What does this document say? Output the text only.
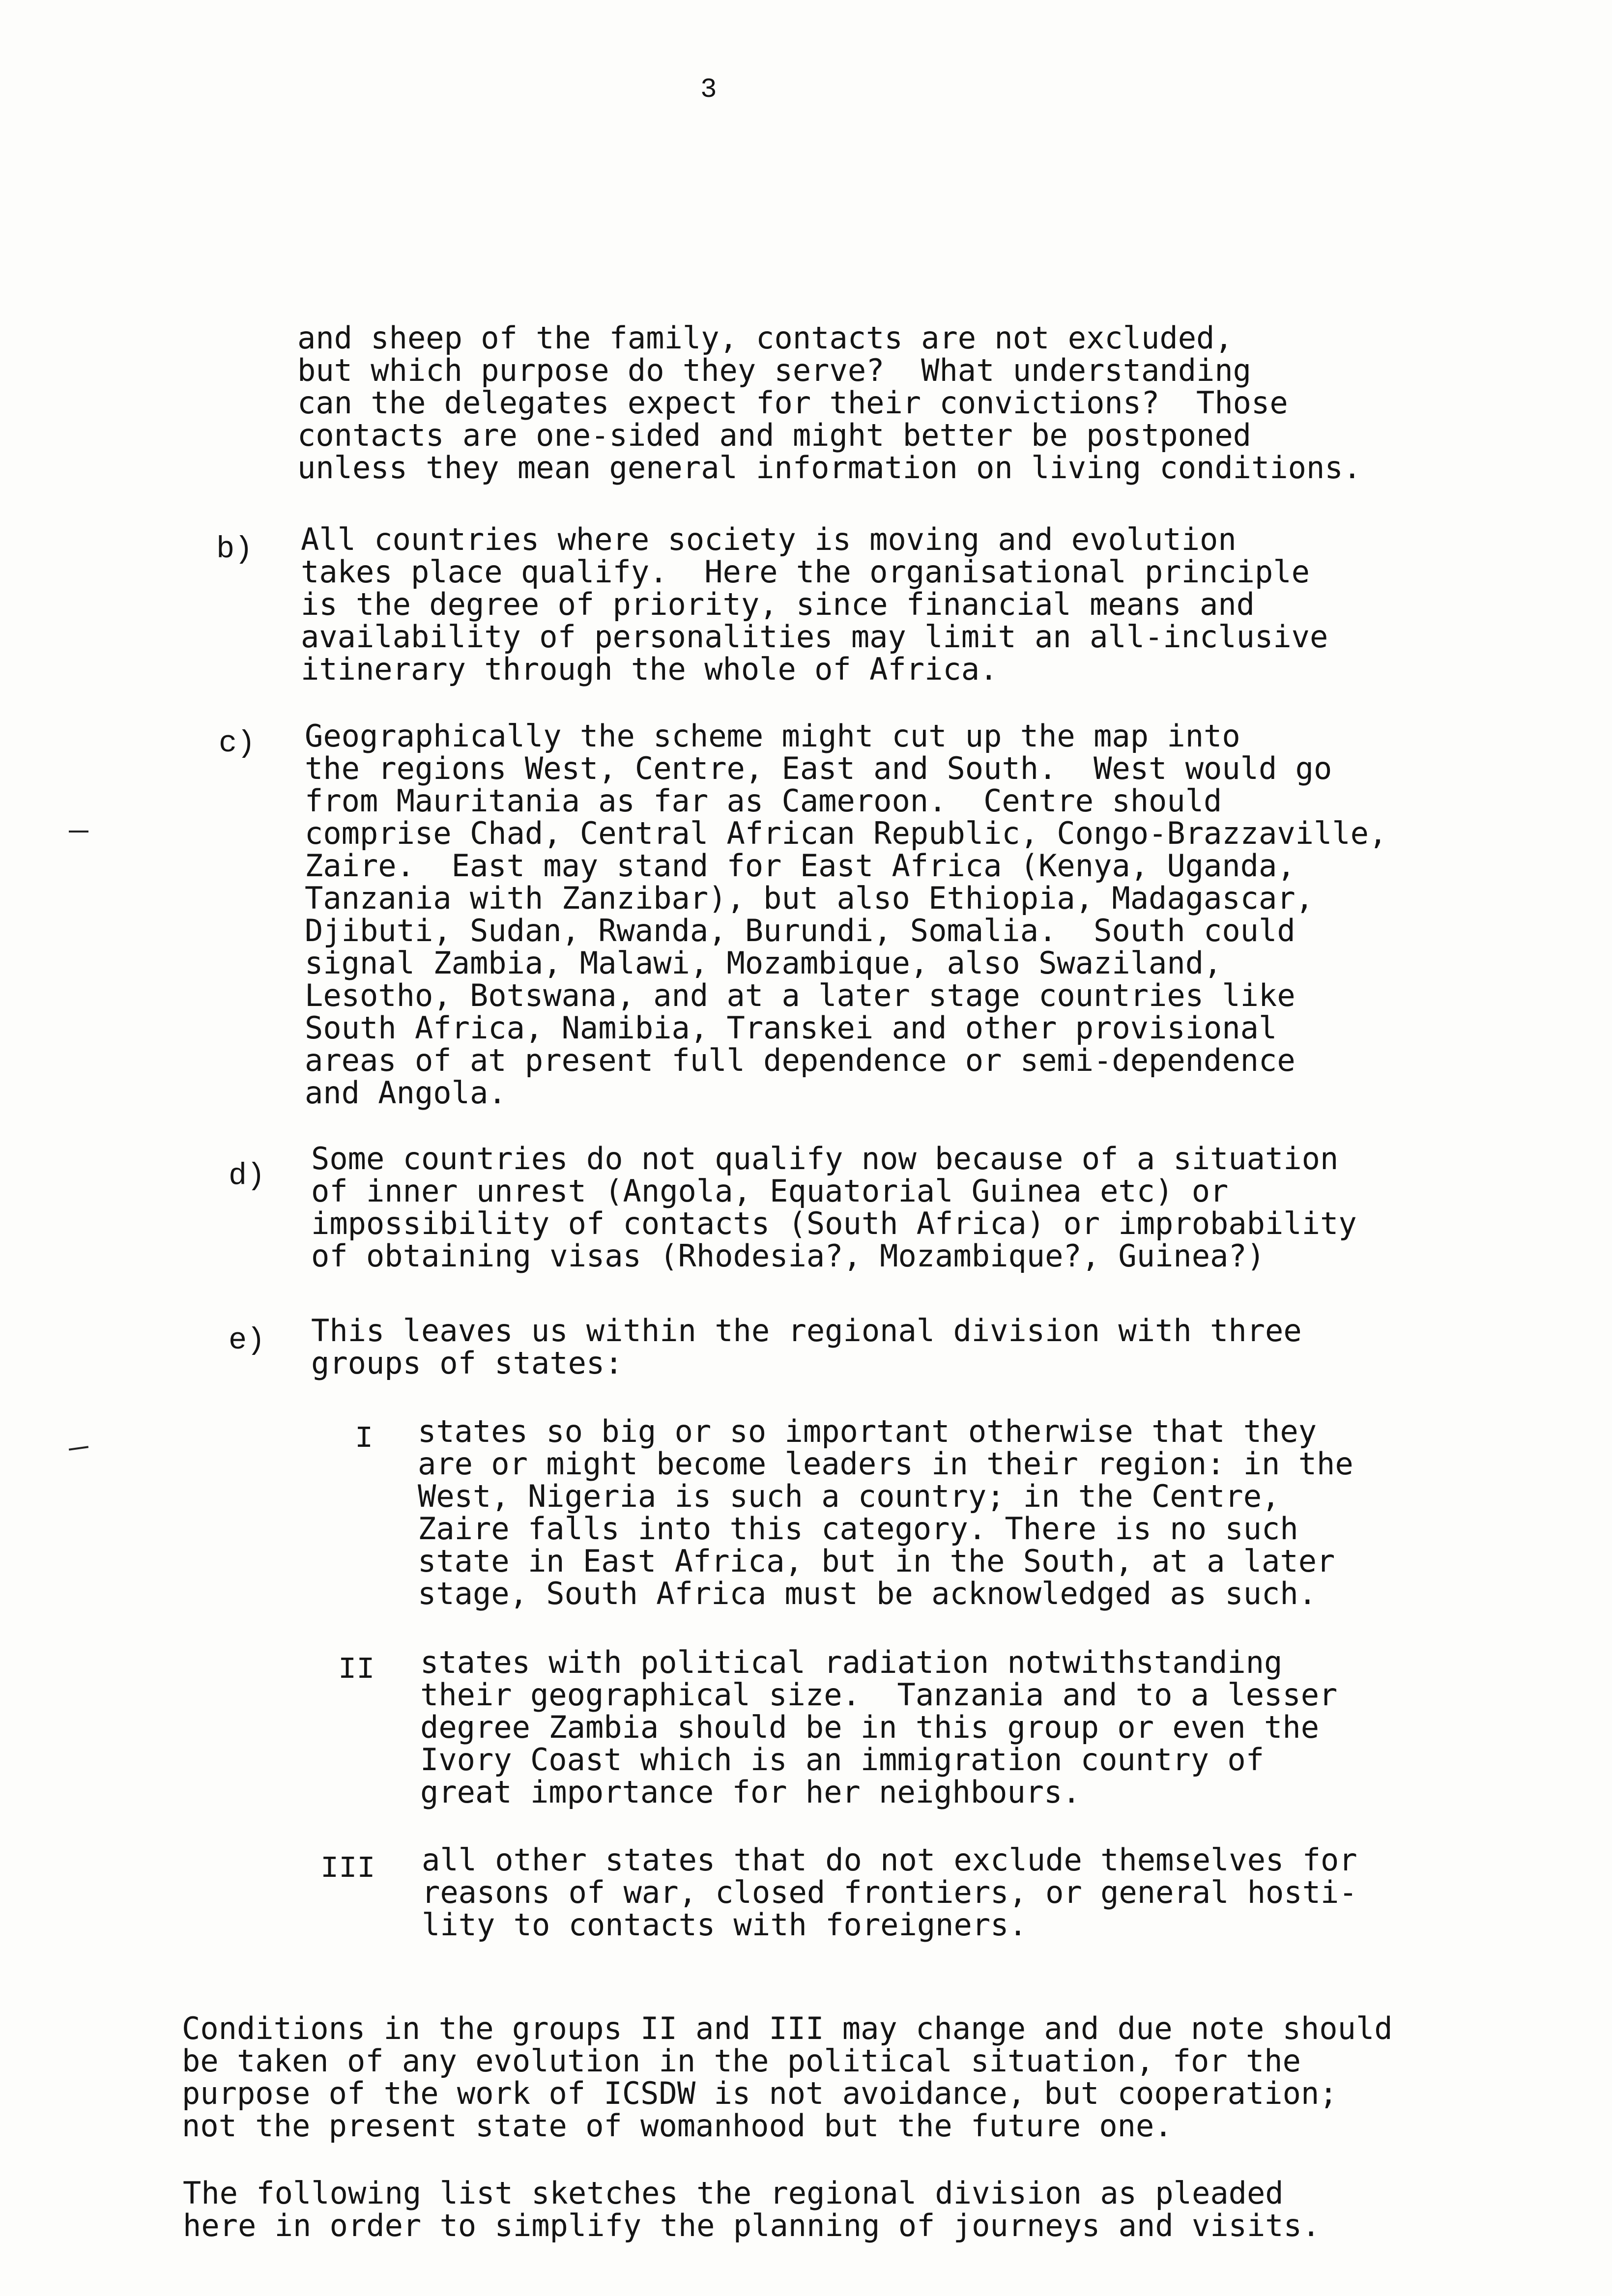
3
and sheep of the family, contacts are not excluded,
but which purpose do they serve?  What understanding
can the delegates expect for their convictions?  Those
contacts are one-sided and might better be postponed
unless they mean general information on living conditions.
b) All countries where society is moving and evolution
takes place qualify.  Here the organisational principle
is the degree of priority, since financial means and
availability of personalities may limit an all-inclusive
itinerary through the whole of Africa.
c) Geographically the scheme might cut up the map into
the regions West, Centre, East and South.  West would go
from Mauritania as far as Cameroon.  Centre should
comprise Chad, Central African Republic, Congo-Brazzaville,
Zaire.  East may stand for East Africa (Kenya, Uganda,
Tanzania with Zanzibar), but also Ethiopia, Madagascar,
Djibuti, Sudan, Rwanda, Burundi, Somalia.  South could
signal Zambia, Malawi, Mozambique, also Swaziland,
Lesotho, Botswana, and at a later stage countries like
South Africa, Namibia, Transkei and other provisional
areas of at present full dependence or semi-dependence
and Angola.
d) Some countries do not qualify now because of a situation
of inner unrest (Angola, Equatorial Guinea etc) or
impossibility of contacts (South Africa) or improbability
of obtaining visas (Rhodesia?, Mozambique?, Guinea?)
e) This leaves us within the regional division with three
groups of states:
I states so big or so important otherwise that they
are or might become leaders in their region: in the
West, Nigeria is such a country; in the Centre,
Zaire falls into this category. There is no such
state in East Africa, but in the South, at a later
stage, South Africa must be acknowledged as such.
II states with political radiation notwithstanding
their geographical size.  Tanzania and to a lesser
degree Zambia should be in this group or even the
Ivory Coast which is an immigration country of
great importance for her neighbours.
III all other states that do not exclude themselves for
reasons of war, closed frontiers, or general hosti-
lity to contacts with foreigners.
Conditions in the groups II and III may change and due note should
be taken of any evolution in the political situation, for the
purpose of the work of ICSDW is not avoidance, but cooperation;
not the present state of womanhood but the future one.
The following list sketches the regional division as pleaded
here in order to simplify the planning of journeys and visits.
